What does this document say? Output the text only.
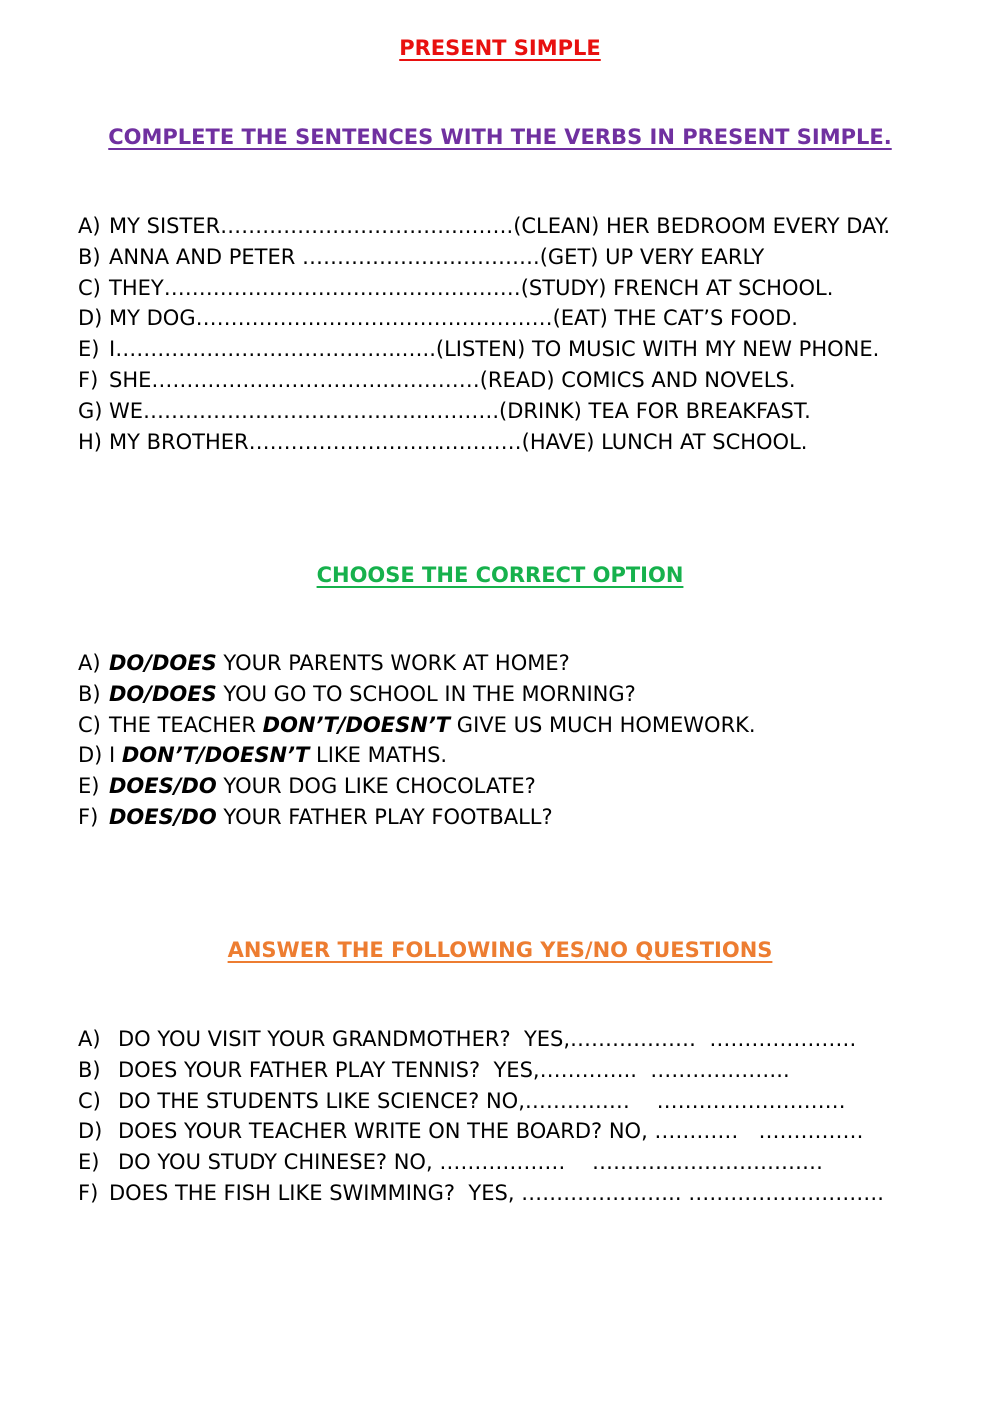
PRESENT SIMPLE
COMPLETE THE SENTENCES WITH THE VERBS IN PRESENT SIMPLE.
A) MY SISTER……………………………..…….(CLEAN) HER BEDROOM EVERY DAY.
B) ANNA AND PETER …………………………….(GET) UP VERY EARLY
C) THEY……………………………………………(STUDY) FRENCH AT SCHOOL.
D) MY DOG……………………………………………(EAT) THE CAT’S FOOD.
E) I…………………………………..…..(LISTEN) TO MUSIC WITH MY NEW PHONE.
F) SHE……………………………..…………(READ) COMICS AND NOVELS.
G) WE…………………………………..……….(DRINK) TEA FOR BREAKFAST.
H) MY BROTHER…………………………………(HAVE) LUNCH AT SCHOOL.
CHOOSE THE CORRECT OPTION
A) DO/DOES YOUR PARENTS WORK AT HOME?
B) DO/DOES YOU GO TO SCHOOL IN THE MORNING?
C) THE TEACHER DON’T/DOESN’T GIVE US MUCH HOMEWORK.
D) I DON’T/DOESN’T LIKE MATHS.
E) DOES/DO YOUR DOG LIKE CHOCOLATE?
F) DOES/DO YOUR FATHER PLAY FOOTBALL?
ANSWER THE FOLLOWING YES/NO QUESTIONS
A) DO YOU VISIT YOUR GRANDMOTHER?  YES,………………  …………………
B) DOES YOUR FATHER PLAY TENNIS?  YES,…………..  ………………..
C) DO THE STUDENTS LIKE SCIENCE? NO,……………    ………………………
D) DOES YOUR TEACHER WRITE ON THE BOARD? NO, …………   ……………
E) DO YOU STUDY CHINESE? NO, ………………    ……………………………
F) DOES THE FISH LIKE SWIMMING?  YES, ………………….. ……………………….
